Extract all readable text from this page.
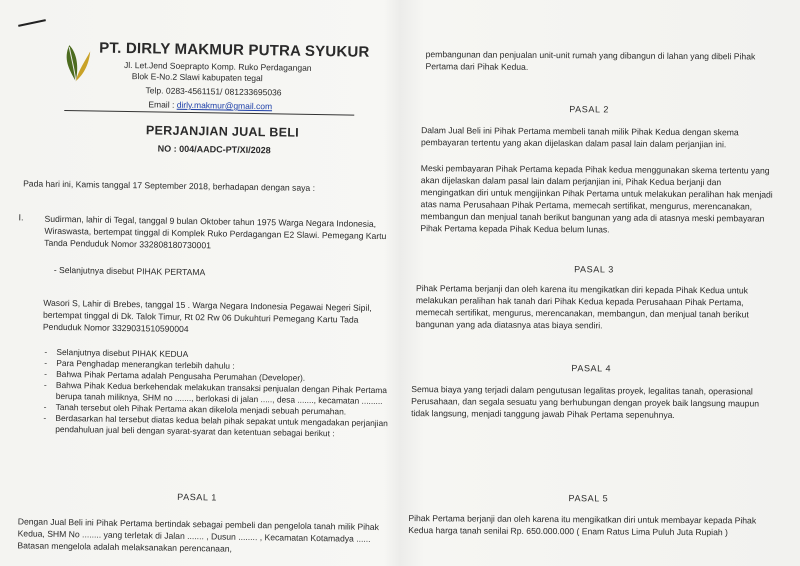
PT. DIRLY MAKMUR PUTRA SYUKUR
Jl. Let.Jend Soeprapto Komp. Ruko Perdagangan
Blok E-No.2 Slawi kabupaten tegal
Telp. 0283-4561151/ 081233695036
Email : dirly.makmur@gmail.com
PERJANJIAN JUAL BELI
NO : 004/AADC-PT/XI/2028
Pada hari ini, Kamis tanggal 17 September 2018, berhadapan dengan saya :
I. Sudirman, lahir di Tegal, tanggal 9 bulan Oktober tahun 1975 Warga Negara Indonesia, Wiraswasta, bertempat tinggal di Komplek Ruko Perdagangan E2 Slawi. Pemegang Kartu Tanda Penduduk Nomor 332808180730001
- Selanjutnya disebut PIHAK PERTAMA
Wasori S, Lahir di Brebes, tanggal 15 . Warga Negara Indonesia Pegawai Negeri Sipil, bertempat tinggal di Dk. Talok Timur, Rt 02 Rw 06 Dukuhturi Pemegang Kartu Tada Penduduk Nomor 3329031510590004
- Selanjutnya disebut PIHAK KEDUA
- Para Penghadap menerangkan terlebih dahulu :
- Bahwa Pihak Pertama adalah Pengusaha Perumahan (Developer).
- Bahwa Pihak Kedua berkehendak melakukan transaksi penjualan dengan Pihak Pertama berupa tanah miliknya, SHM no ......., berlokasi di jalan ....., desa ......., kecamatan .........
- Tanah tersebut oleh Pihak Pertama akan dikelola menjadi sebuah perumahan.
- Berdasarkan hal tersebut diatas kedua belah pihak sepakat untuk mengadakan perjanjian pendahuluan jual beli dengan syarat-syarat dan ketentuan sebagai berikut :
PASAL 1
Dengan Jual Beli ini Pihak Pertama bertindak sebagai pembeli dan pengelola tanah milik Pihak Kedua, SHM No ........ yang terletak di Jalan ....... , Dusun ........ , Kecamatan Kotamadya ...... Batasan mengelola adalah melaksanakan perencanaan,
pembangunan dan penjualan unit-unit rumah yang dibangun di lahan yang dibeli Pihak Pertama dari Pihak Kedua.
PASAL 2
Dalam Jual Beli ini Pihak Pertama membeli tanah milik Pihak Kedua dengan skema pembayaran tertentu yang akan dijelaskan dalam pasal lain dalam perjanjian ini.
Meski pembayaran Pihak Pertama kepada Pihak kedua menggunakan skema tertentu yang akan dijelaskan dalam pasal lain dalam perjanjian ini, Pihak Kedua berjanji dan mengingatkan diri untuk mengijinkan Pihak Pertama untuk melakukan peralihan hak menjadi atas nama Perusahaan Pihak Pertama, memecah sertifikat, mengurus, merencanakan, membangun dan menjual tanah berikut bangunan yang ada di atasnya meski pembayaran Pihak Pertama kepada Pihak Kedua belum lunas.
PASAL 3
Pihak Pertama berjanji dan oleh karena itu mengikatkan diri kepada Pihak Kedua untuk melakukan peralihan hak tanah dari Pihak Kedua kepada Perusahaan Pihak Pertama, memecah sertifikat, mengurus, merencanakan, membangun, dan menjual tanah berikut bangunan yang ada diatasnya atas biaya sendiri.
PASAL 4
Semua biaya yang terjadi dalam pengutusan legalitas proyek, legalitas tanah, operasional Perusahaan, dan segala sesuatu yang berhubungan dengan proyek baik langsung maupun tidak langsung, menjadi tanggung jawab Pihak Pertama sepenuhnya.
PASAL 5
Pihak Pertama berjanji dan oleh karena itu mengikatkan diri untuk membayar kepada Pihak Kedua harga tanah senilai Rp. 650.000.000 ( Enam Ratus Lima Puluh Juta Rupiah )
